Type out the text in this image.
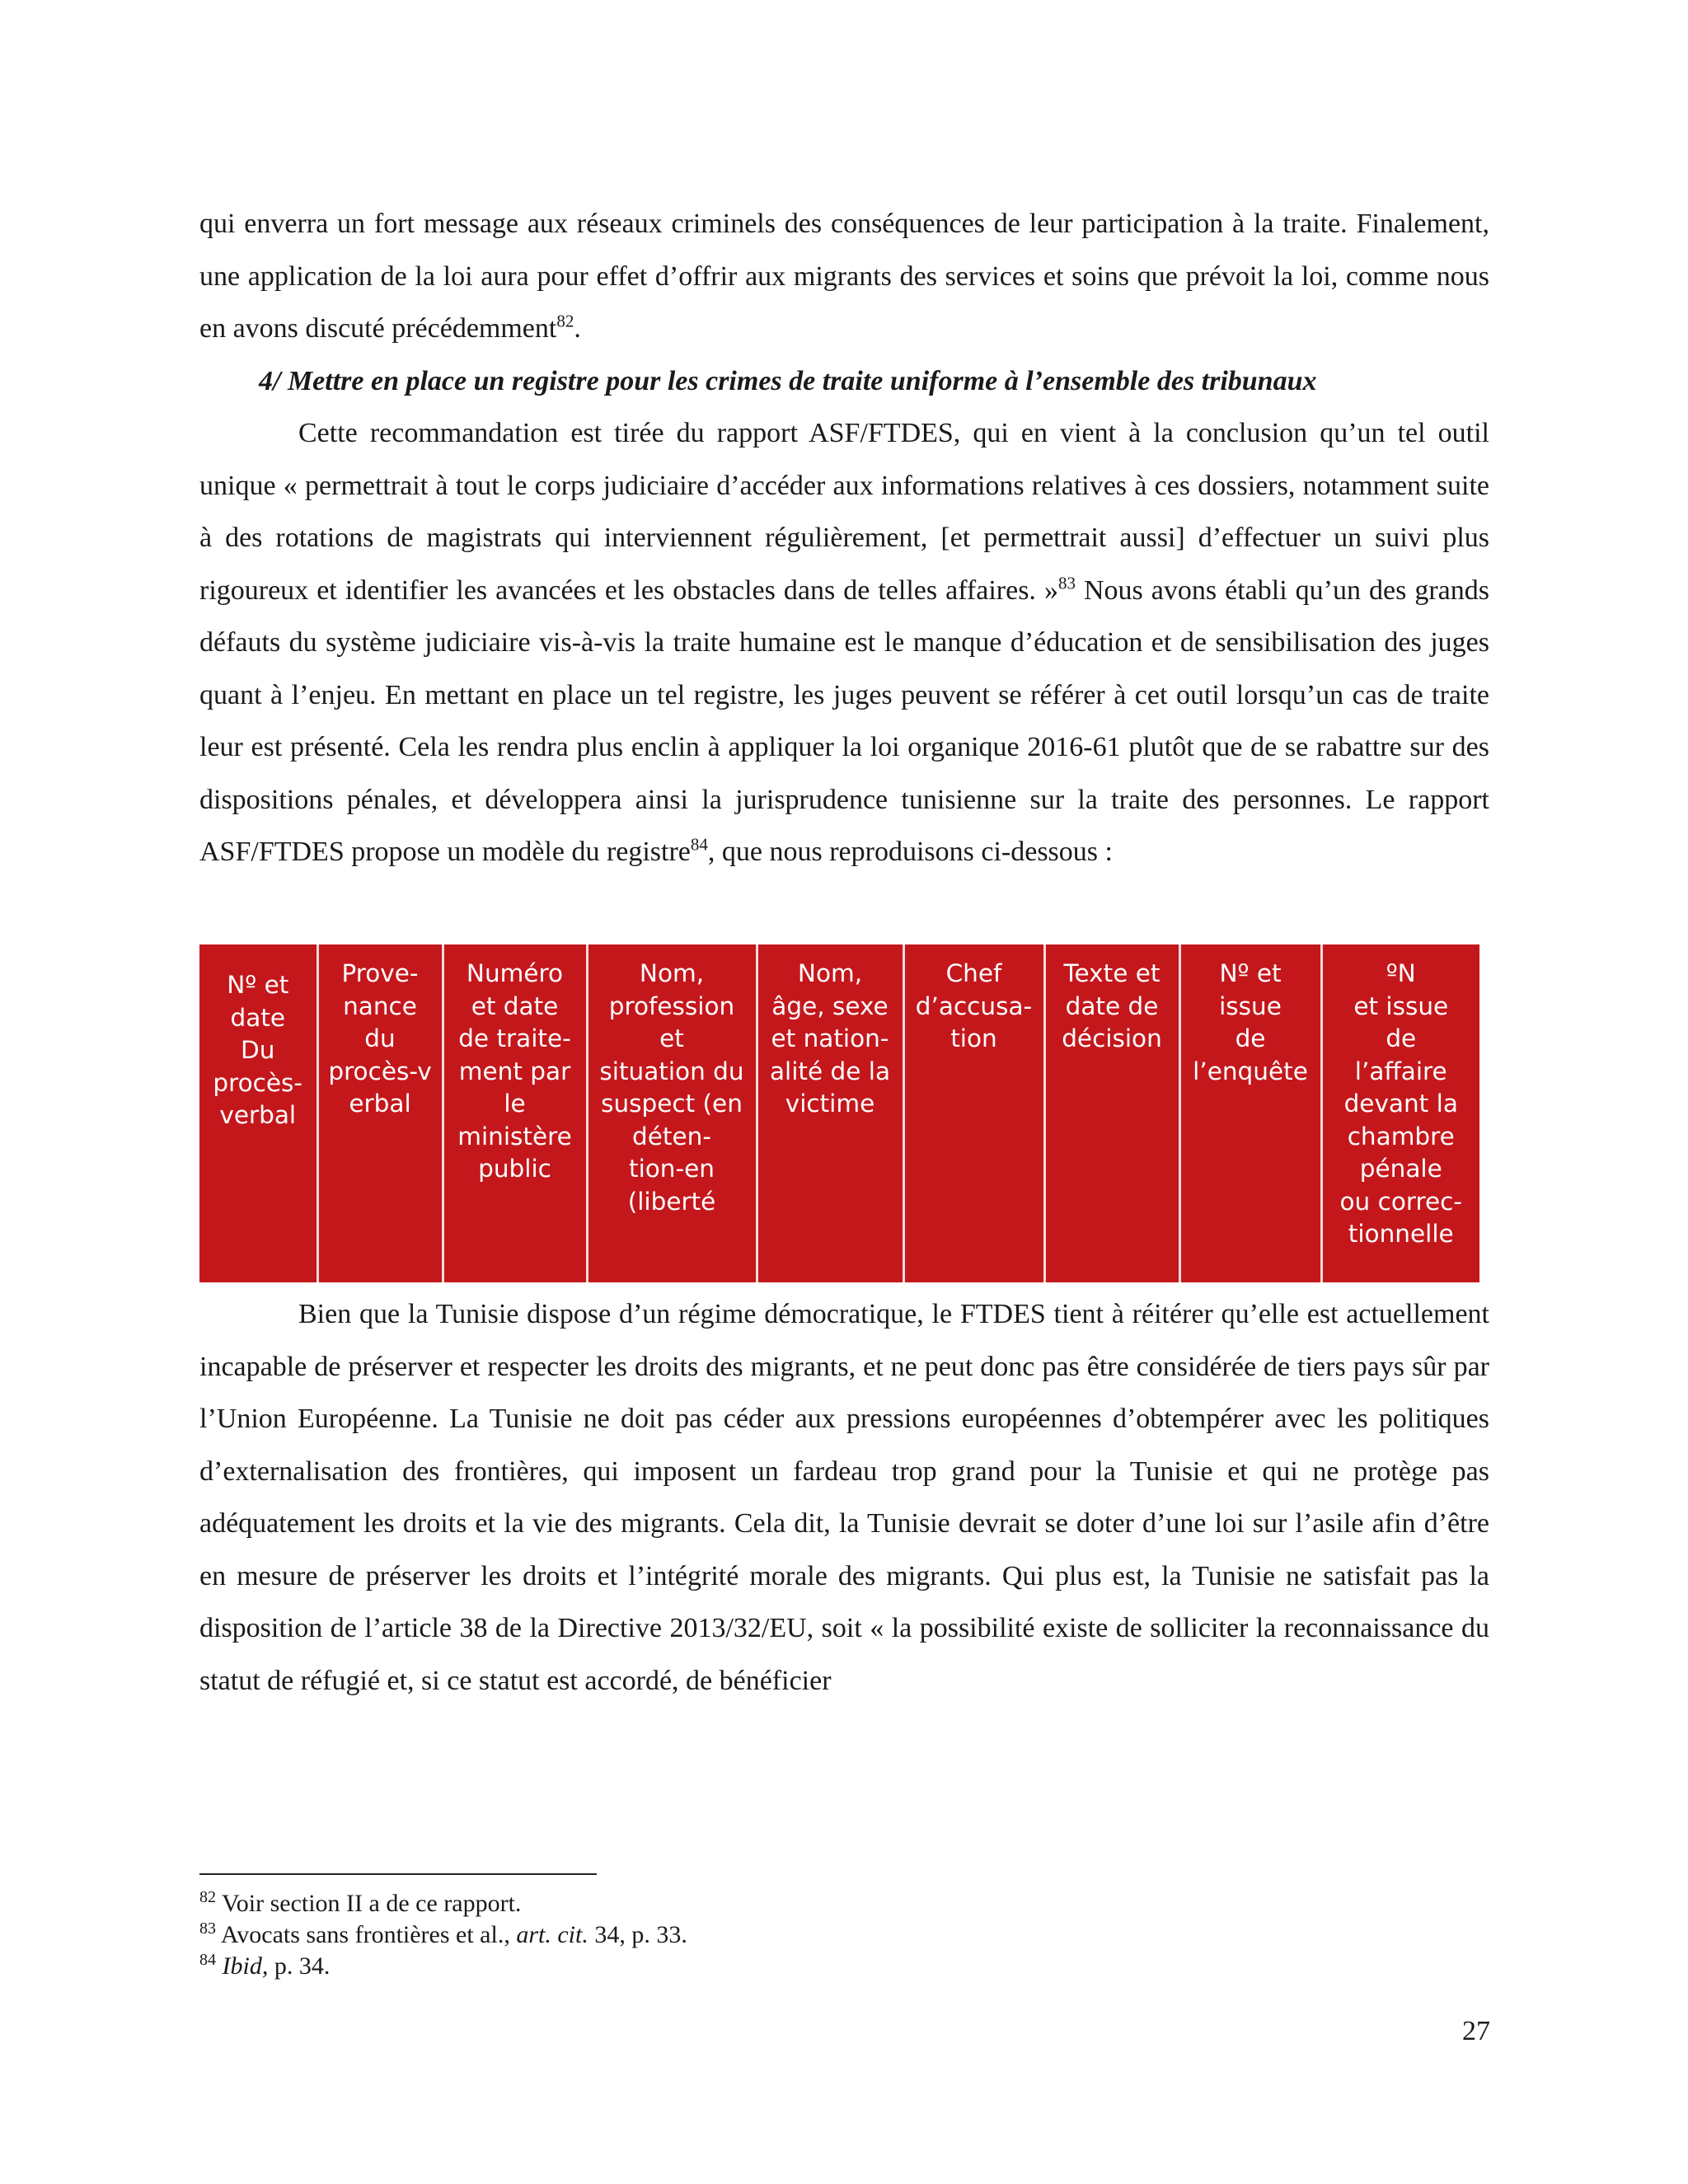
qui enverra un fort message aux réseaux criminels des conséquences de leur participation à la traite. Finalement, une application de la loi aura pour effet d’offrir aux migrants des services et soins que prévoit la loi, comme nous en avons discuté précédemment$^{82}$.

4/ Mettre en place un registre pour les crimes de traite uniforme à l’ensemble des tribunaux

Cette recommandation est tirée du rapport ASF/FTDES, qui en vient à la conclusion qu’un tel outil unique « permettrait à tout le corps judiciaire d’accéder aux informations relatives à ces dossiers, notamment suite à des rotations de magistrats qui interviennent régulièrement, [et permettrait aussi] d’effectuer un suivi plus rigoureux et identifier les avancées et les obstacles dans de telles affaires. »$^{83}$ Nous avons établi qu’un des grands défauts du système judiciaire vis-à-vis la traite humaine est le manque d’éducation et de sensibilisation des juges quant à l’enjeu. En mettant en place un tel registre, les juges peuvent se référer à cet outil lorsqu’un cas de traite leur est présenté. Cela les rendra plus enclin à appliquer la loi organique 2016-61 plutôt que de se rabattre sur des dispositions pénales, et développera ainsi la jurisprudence tunisienne sur la traite des personnes. Le rapport ASF/FTDES propose un modèle du registre$^{84}$, que nous reproduisons ci-dessous :

Bien que la Tunisie dispose d’un régime démocratique, le FTDES tient à réitérer qu’elle est actuellement incapable de préserver et respecter les droits des migrants, et ne peut donc pas être considérée de tiers pays sûr par l’Union Européenne. La Tunisie ne doit pas céder aux pressions européennes d’obtempérer avec les politiques d’externalisation des frontières, qui imposent un fardeau trop grand pour la Tunisie et qui ne protège pas adéquatement les droits et la vie des migrants. Cela dit, la Tunisie devrait se doter d’une loi sur l’asile afin d’être en mesure de préserver les droits et l’intégrité morale des migrants. Qui plus est, la Tunisie ne satisfait pas la disposition de l’article 38 de la Directive 2013/32/EU, soit « la possibilité existe de solliciter la reconnaissance du statut de réfugié et, si ce statut est accordé, de bénéficier

Nº et
date
Du
procès-
verbal	Prove-
nance
du
procès-v
erbal	Numéro
et date
de traite-
ment par
le
ministère
public	Nom,
profession
et
situation du
suspect (en
déten-
tion-en
(liberté	Nom,
âge, sexe
et nation-
alité de la
victime	Chef
d’accusa-
tion	Texte et
date de
décision	Nº et
issue
de
l’enquête	ºN
et issue
de
l’affaire
devant la
chambre
pénale
ou correc-
tionnelle

$^{82}$ Voir section II a de ce rapport.

$^{83}$ Avocats sans frontières et al., art. cit. 34, p. 33.

$^{84}$ Ibid, p. 34.

27
